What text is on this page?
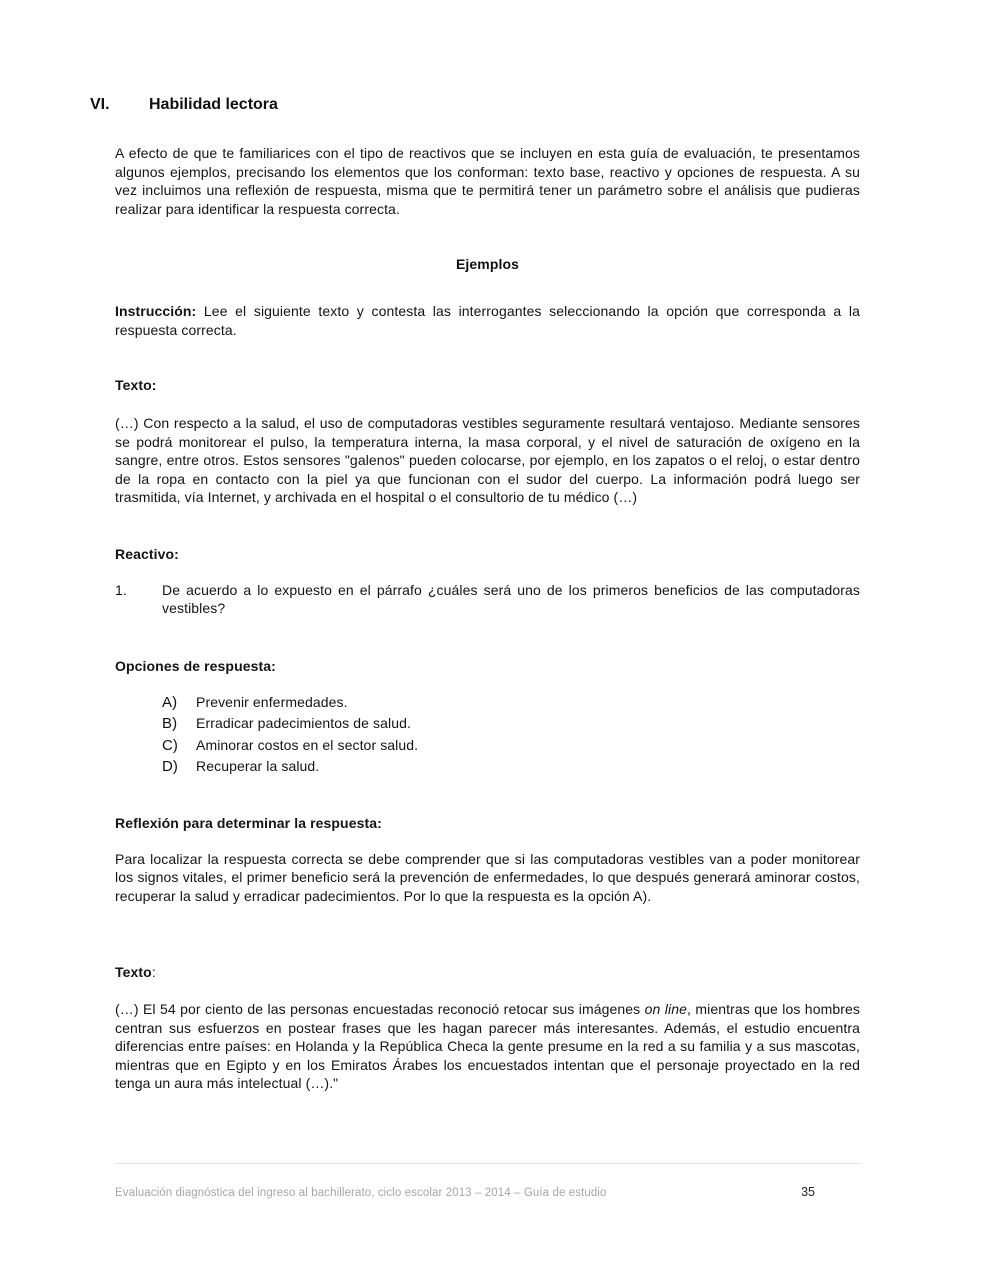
VI.	Habilidad lectora

A efecto de que te familiarices con el tipo de reactivos que se incluyen en esta guía de evaluación, te presentamos algunos ejemplos, precisando los elementos que los conforman: texto base, reactivo y opciones de respuesta. A su vez incluimos una reflexión de respuesta, misma que te permitirá tener un parámetro sobre el análisis que pudieras realizar para identificar la respuesta correcta.

Ejemplos

Instrucción: Lee el siguiente texto y contesta las interrogantes seleccionando la opción que corresponda a la respuesta correcta.

Texto:

(…) Con respecto a la salud, el uso de computadoras vestibles seguramente resultará ventajoso. Mediante sensores se podrá monitorear el pulso, la temperatura interna, la masa corporal, y el nivel de saturación de oxígeno en la sangre, entre otros. Estos sensores "galenos" pueden colocarse, por ejemplo, en los zapatos o el reloj, o estar dentro de la ropa en contacto con la piel ya que funcionan con el sudor del cuerpo. La información podrá luego ser trasmitida, vía Internet, y archivada en el hospital o el consultorio de tu médico (…)

Reactivo:
1.	De acuerdo a lo expuesto en el párrafo ¿cuáles será uno de los primeros beneficios de las computadoras vestibles?
Opciones de respuesta:
A)	Prevenir enfermedades.
B)	Erradicar padecimientos de salud.
C)	Aminorar costos en el sector salud.
D)	Recuperar la salud.
Reflexión para determinar la respuesta:

Para localizar la respuesta correcta se debe comprender que si las computadoras vestibles van a poder monitorear los signos vitales, el primer beneficio será la prevención de enfermedades, lo que después generará aminorar costos, recuperar la salud y erradicar padecimientos. Por lo que la respuesta es la opción A).

Texto:

(…) El 54 por ciento de las personas encuestadas reconoció retocar sus imágenes on line, mientras que los hombres centran sus esfuerzos en postear frases que les hagan parecer más interesantes. Además, el estudio encuentra diferencias entre países: en Holanda y la República Checa la gente presume en la red a su familia y a sus mascotas, mientras que en Egipto y en los Emiratos Árabes los encuestados intentan que el personaje proyectado en la red tenga un aura más intelectual (…)."

Evaluación diagnóstica del ingreso al bachillerato, ciclo escolar 2013 – 2014 – Guía de estudio	35
